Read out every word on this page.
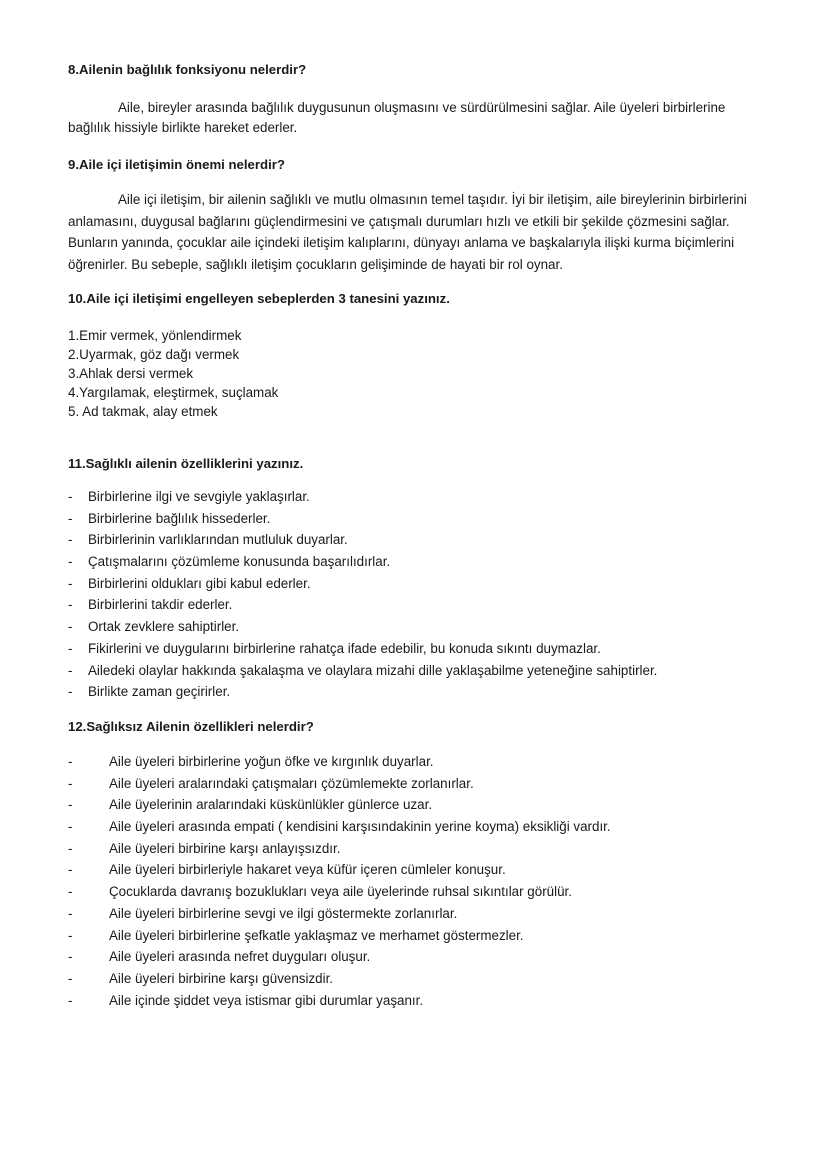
8.Ailenin bağlılık fonksiyonu nelerdir?
Aile, bireyler arasında bağlılık duygusunun oluşmasını ve sürdürülmesini sağlar. Aile üyeleri birbirlerine
bağlılık hissiyle birlikte hareket ederler.
9.Aile içi iletişimin önemi nelerdir?
Aile içi iletişim, bir ailenin sağlıklı ve mutlu olmasının temel taşıdır. İyi bir iletişim, aile bireylerinin birbirlerini anlamasını, duygusal bağlarını güçlendirmesini ve çatışmalı durumları hızlı ve etkili bir şekilde çözmesini sağlar. Bunların yanında, çocuklar aile içindeki iletişim kalıplarını, dünyayı anlama ve başkalarıyla ilişki kurma biçimlerini öğrenirler. Bu sebeple, sağlıklı iletişim çocukların gelişiminde de hayati bir rol oynar.
10.Aile içi iletişimi engelleyen sebeplerden 3 tanesini yazınız.
1.Emir vermek, yönlendirmek
2.Uyarmak, göz dağı vermek
3.Ahlak dersi vermek
4.Yargılamak, eleştirmek, suçlamak
5. Ad takmak, alay etmek
11.Sağlıklı ailenin özelliklerini yazınız.
- Birbirlerine ilgi ve sevgiyle yaklaşırlar.
- Birbirlerine bağlılık hissederler.
- Birbirlerinin varlıklarından mutluluk duyarlar.
- Çatışmalarını çözümleme konusunda başarılıdırlar.
- Birbirlerini oldukları gibi kabul ederler.
- Birbirlerini takdir ederler.
- Ortak zevklere sahiptirler.
- Fikirlerini ve duygularını birbirlerine rahatça ifade edebilir, bu konuda sıkıntı duymazlar.
- Ailedeki olaylar hakkında şakalaşma ve olaylara mizahi dille yaklaşabilme yeteneğine sahiptirler.
- Birlikte zaman geçirirler.
12.Sağlıksız Ailenin özellikleri nelerdir?
-	Aile üyeleri birbirlerine yoğun öfke ve kırgınlık duyarlar.
-	Aile üyeleri aralarındaki çatışmaları çözümlemekte zorlanırlar.
-	Aile üyelerinin aralarındaki küskünlükler günlerce uzar.
-	Aile üyeleri arasında empati ( kendisini karşısındakinin yerine koyma) eksikliği vardır.
-	Aile üyeleri birbirine karşı anlayışsızdır.
-	Aile üyeleri birbirleriyle hakaret veya küfür içeren cümleler konuşur.
-	Çocuklarda davranış bozuklukları veya aile üyelerinde ruhsal sıkıntılar görülür.
-	Aile üyeleri birbirlerine sevgi ve ilgi göstermekte zorlanırlar.
-	Aile üyeleri birbirlerine şefkatle yaklaşmaz ve merhamet göstermezler.
-	Aile üyeleri arasında nefret duyguları oluşur.
-	Aile üyeleri birbirine karşı güvensizdir.
-	Aile içinde şiddet veya istismar gibi durumlar yaşanır.
